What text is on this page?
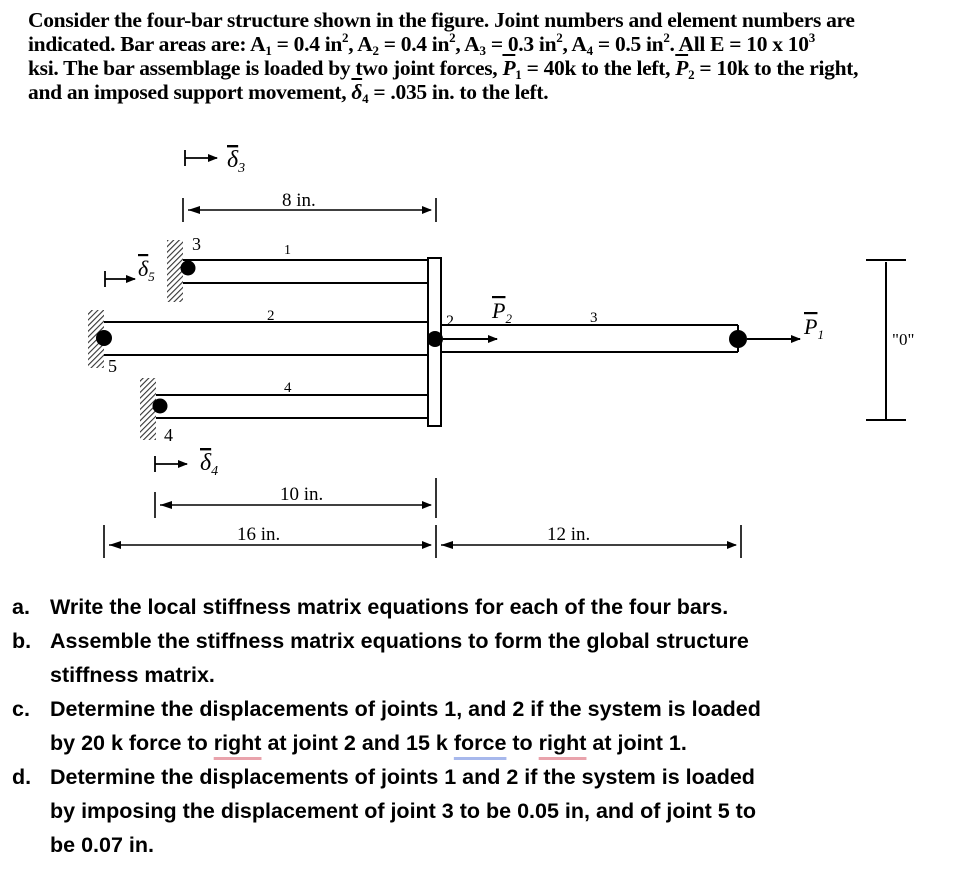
Consider the four-bar structure shown in the figure. Joint numbers and element numbers are
indicated. Bar areas are: $A_1 = 0.4$ $in^2$, $A_2 = 0.4$ $in^2$, $A_3 = 0.3$ $in^2$, $A_4 = 0.5$ $in^2$. All E = 10 x $10^3$
ksi. The bar assemblage is loaded by two joint forces, $\overline{P}_1 = 40k$ to the left, $\overline{P}_2 = 10k$ to the right,
and an imposed support movement, $\overline{\delta}_4 = .035$ in. to the left.
3
5
4
2
1
2
4
3
$\delta_3$
$\delta_5$
$\delta_4$
$P_2$	$P_1$	"0"
8 in.
10 in.
16 in.	12 in.
a. Write the local stiffness matrix equations for each of the four bars.
b. Assemble the stiffness matrix equations to form the global structure
stiffness matrix.
c. Determine the displacements of joints 1, and 2 if the system is loaded
by 20 k force to right at joint 2 and 15 k force to right at joint 1.
d. Determine the displacements of joints 1 and 2 if the system is loaded
by imposing the displacement of joint 3 to be 0.05 in, and of joint 5 to
be 0.07 in.
